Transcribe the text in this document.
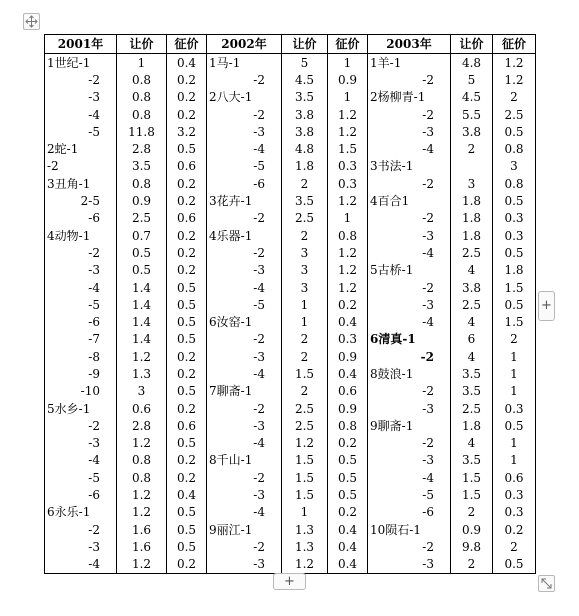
2001年	让价	征价	2002年	让价	征价	2003年	让价	征价
1世纪-1	1	0.4	1马-1	5	1	1羊-1	4.8	1.2
-2	0.8	0.2	-2	4.5	0.9	-2	5	1.2
-3	0.8	0.2	2八大-1	3.5	1	2杨柳青-1	4.5	2
-4	0.8	0.2	-2	3.8	1.2	-2	5.5	2.5
-5	11.8	3.2	-3	3.8	1.2	-3	3.8	0.5
2蛇-1	2.8	0.5	-4	4.8	1.5	-4	2	0.8
-2	3.5	0.6	-5	1.8	0.3	3书法-1		3
3丑角-1	0.8	0.2	-6	2	0.3	-2	3	0.8
2-5	0.9	0.2	3花卉-1	3.5	1.2	4百合1	1.8	0.5
-6	2.5	0.6	-2	2.5	1	-2	1.8	0.3
4动物-1	0.7	0.2	4乐器-1	2	0.8	-3	1.8	0.3
-2	0.5	0.2	-2	3	1.2	-4	2.5	0.5
-3	0.5	0.2	-3	3	1.2	5古桥-1	4	1.8
-4	1.4	0.5	-4	3	1.2	-2	3.8	1.5
-5	1.4	0.5	-5	1	0.2	-3	2.5	0.5
-6	1.4	0.5	6汝窑-1	1	0.4	-4	4	1.5
-7	1.4	0.5	-2	2	0.3	6清真-1	6	2
-8	1.2	0.2	-3	2	0.9	-2	4	1
-9	1.3	0.2	-4	1.5	0.4	8鼓浪-1	3.5	1
-10	3	0.5	7聊斋-1	2	0.6	-2	3.5	1
5水乡-1	0.6	0.2	-2	2.5	0.9	-3	2.5	0.3
-2	2.8	0.6	-3	2.5	0.8	9聊斋-1	1.8	0.5
-3	1.2	0.5	-4	1.2	0.2	-2	4	1
-4	0.8	0.2	8千山-1	1.5	0.5	-3	3.5	1
-5	0.8	0.2	-2	1.5	0.5	-4	1.5	0.6
-6	1.2	0.4	-3	1.5	0.5	-5	1.5	0.3
6永乐-1	1.2	0.5	-4	1	0.2	-6	2	0.3
-2	1.6	0.5	9丽江-1	1.3	0.4	10陨石-1	0.9	0.2
-3	1.6	0.5	-2	1.3	0.4	-2	9.8	2
-4	1.2	0.2	-3	1.2	0.4	-3	2	0.5
+
+
